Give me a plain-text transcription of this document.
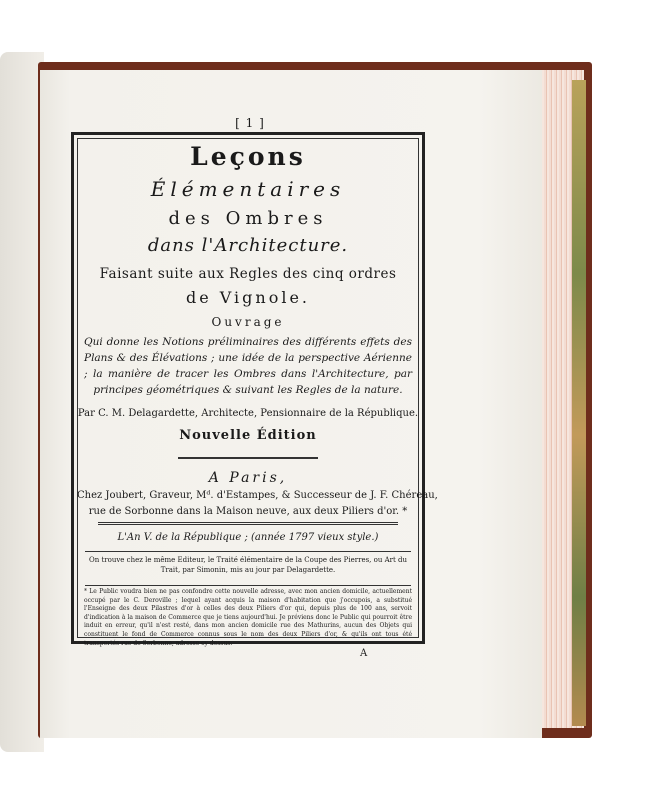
[ 1 ]
Leçons
Élémentaires
des Ombres
dans l'Architecture.
Faisant suite aux Regles des cinq ordres
de Vignole.
Ouvrage
Qui donne les Notions préliminaires des différents effets des Plans & des Élévations ; une idée de la perspective Aérienne ; la manière de tracer les Ombres dans l'Architecture, par principes géométriques & suivant les Regles de la nature.
Par C. M. Delagardette, Architecte, Pensionnaire de la République.
Nouvelle Édition
A Paris,
Chez Joubert, Graveur, Mᵈ. d'Estampes, & Successeur de J. F. Chéreau,
rue de Sorbonne dans la Maison neuve, aux deux Piliers d'or. *
L'An V. de la République ; (année 1797 vieux style.)
On trouve chez le même Editeur, le Traité élémentaire de la Coupe des Pierres, ou Art du Trait, par Simonin, mis au jour par Delagardette.
* Le Public voudra bien ne pas confondre cette nouvelle adresse, avec mon ancien domicile, actuellement occupé par le C. Deroville ; lequel ayant acquis la maison d'habitation que j'occupois, a substitué l'Enseigne des deux Pilastres d'or à celles des deux Piliers d'or qui, depuis plus de 100 ans, servoit d'indication à la maison de Commerce que je tiens aujourd'hui. Je préviens donc le Public qui pourroit être induit en erreur, qu'il n'est resté, dans mon ancien domicile rue des Mathurins, aucun des Objets qui constituent le fond de Commerce connus sous le nom des deux Piliers d'or, & qu'ils ont tous été transportés rue de Sorbonne, adresse cy-dessus.
A
